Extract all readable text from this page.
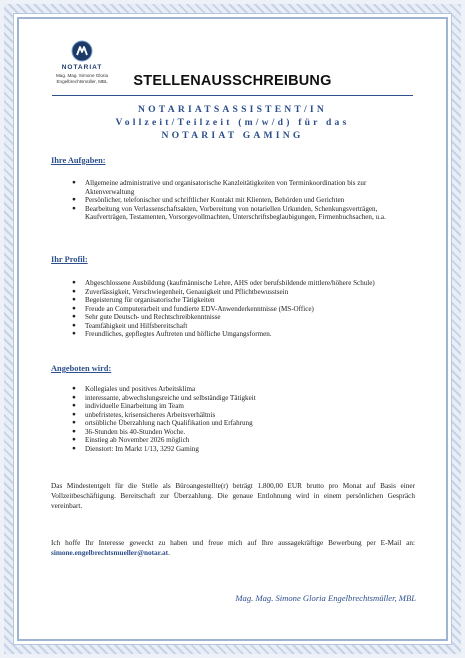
NOTARIAT
Mag. Mag. Simone Gloria
Engelbrechtsmüller, MBL	STELLENAUSSCHREIBUNG
NOTARIATSASSISTENT/IN
Vollzeit/Teilzeit (m/w/d) für das
NOTARIAT GAMING
Ihre Aufgaben:
● Allgemeine administrative und organisatorische Kanzleitätigkeiten von Terminkoordination bis zur Aktenverwaltung
● Persönlicher, telefonischer und schriftlicher Kontakt mit Klienten, Behörden und Gerichten
● Bearbeitung von Verlassenschaftsakten, Vorbereitung von notariellen Urkunden, Schenkungsverträgen, Kaufverträgen, Testamenten, Vorsorgevollmachten, Unterschriftsbeglaubigungen, Firmenbuchsachen, u.a.
Ihr Profil:
● Abgeschlossene Ausbildung (kaufmännische Lehre, AHS oder berufsbildende mittlere/höhere Schule)
● Zuverlässigkeit, Verschwiegenheit, Genauigkeit und Pflichtbewusstsein
● Begeisterung für organisatorische Tätigkeiten
● Freude an Computerarbeit und fundierte EDV-Anwenderkenntnisse (MS-Office)
● Sehr gute Deutsch- und Rechtschreibkenntnisse
● Teamfähigkeit und Hilfsbereitschaft
● Freundliches, gepflegtes Auftreten und höfliche Umgangsformen.
Angeboten wird:
● Kollegiales und positives Arbeitsklima
● interessante, abwechslungsreiche und selbständige Tätigkeit
● individuelle Einarbeitung im Team
● unbefristetes, krisensicheres Arbeitsverhältnis
● ortsübliche Überzahlung nach Qualifikation und Erfahrung
● 36-Stunden bis 40-Stunden Woche.
● Einstieg ab November 2026 möglich
● Dienstort: Im Markt 1/13, 3292 Gaming

Das Mindestentgelt für die Stelle als Büroangestellte(r) beträgt 1.800,00 EUR brutto pro Monat auf Basis einer Vollzeitbeschäftigung. Bereitschaft zur Überzahlung. Die genaue Entlohnung wird in einem persönlichen Gespräch vereinbart.

Ich hoffe Ihr Interesse geweckt zu haben und freue mich auf Ihre aussagekräftige Bewerbung per E-Mail an: simone.engelbrechtsmueller@notar.at.

Mag. Mag. Simone Gloria Engelbrechtsmüller, MBL
